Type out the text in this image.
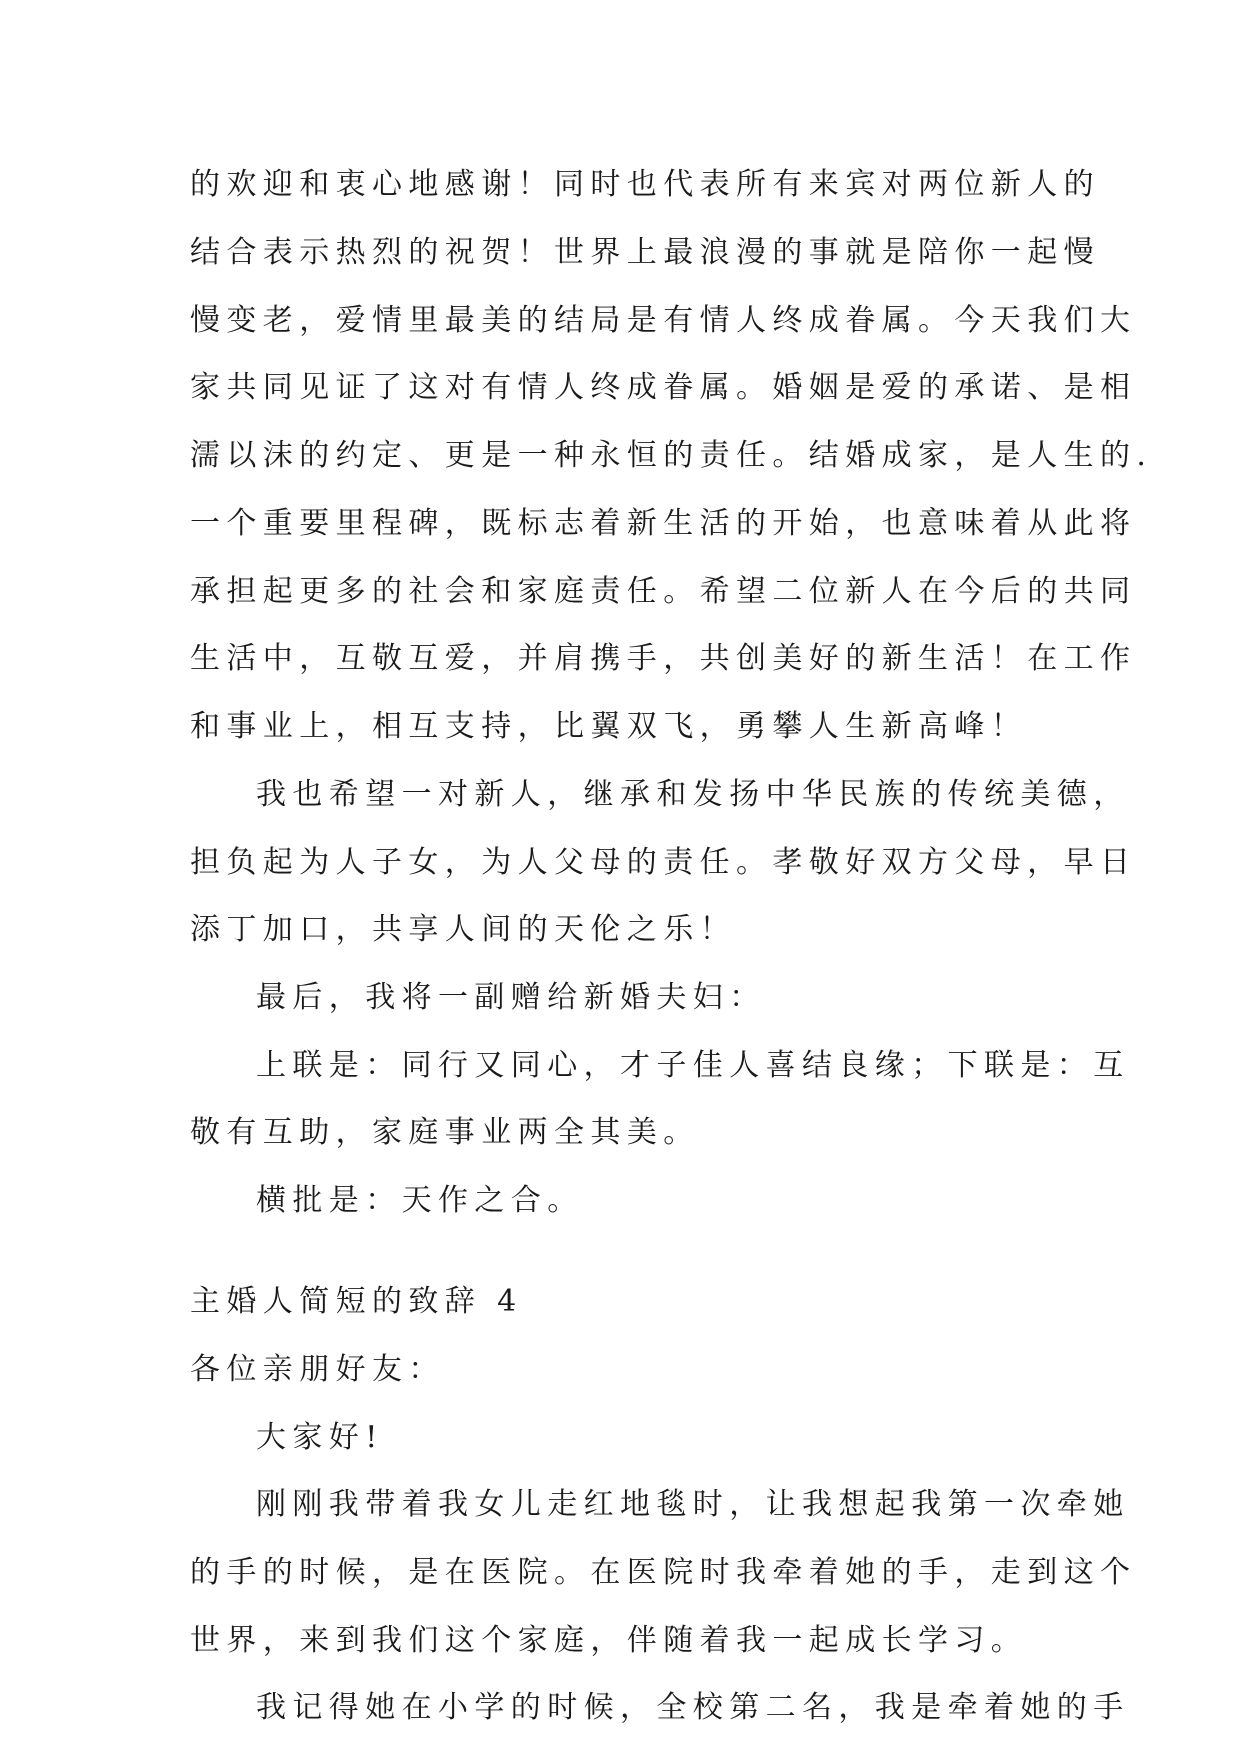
的欢迎和衷心地感谢！同时也代表所有来宾对两位新人的
结合表示热烈的祝贺！世界上最浪漫的事就是陪你一起慢
慢变老，爱情里最美的结局是有情人终成眷属。今天我们大
家共同见证了这对有情人终成眷属。婚姻是爱的承诺、是相
濡以沫的约定、更是一种永恒的责任。结婚成家，是人生的.
一个重要里程碑，既标志着新生活的开始，也意味着从此将
承担起更多的社会和家庭责任。希望二位新人在今后的共同
生活中，互敬互爱，并肩携手，共创美好的新生活！在工作
和事业上，相互支持，比翼双飞，勇攀人生新高峰！
我也希望一对新人，继承和发扬中华民族的传统美德，
担负起为人子女，为人父母的责任。孝敬好双方父母，早日
添丁加口，共享人间的天伦之乐！
最后，我将一副赠给新婚夫妇：
上联是：同行又同心，才子佳人喜结良缘；下联是：互
敬有互助，家庭事业两全其美。
横批是：天作之合。
主婚人简短的致辞 4
各位亲朋好友：
大家好!
刚刚我带着我女儿走红地毯时，让我想起我第一次牵她
的手的时候，是在医院。在医院时我牵着她的手，走到这个
世界，来到我们这个家庭，伴随着我一起成长学习。
我记得她在小学的时候，全校第二名，我是牵着她的手
